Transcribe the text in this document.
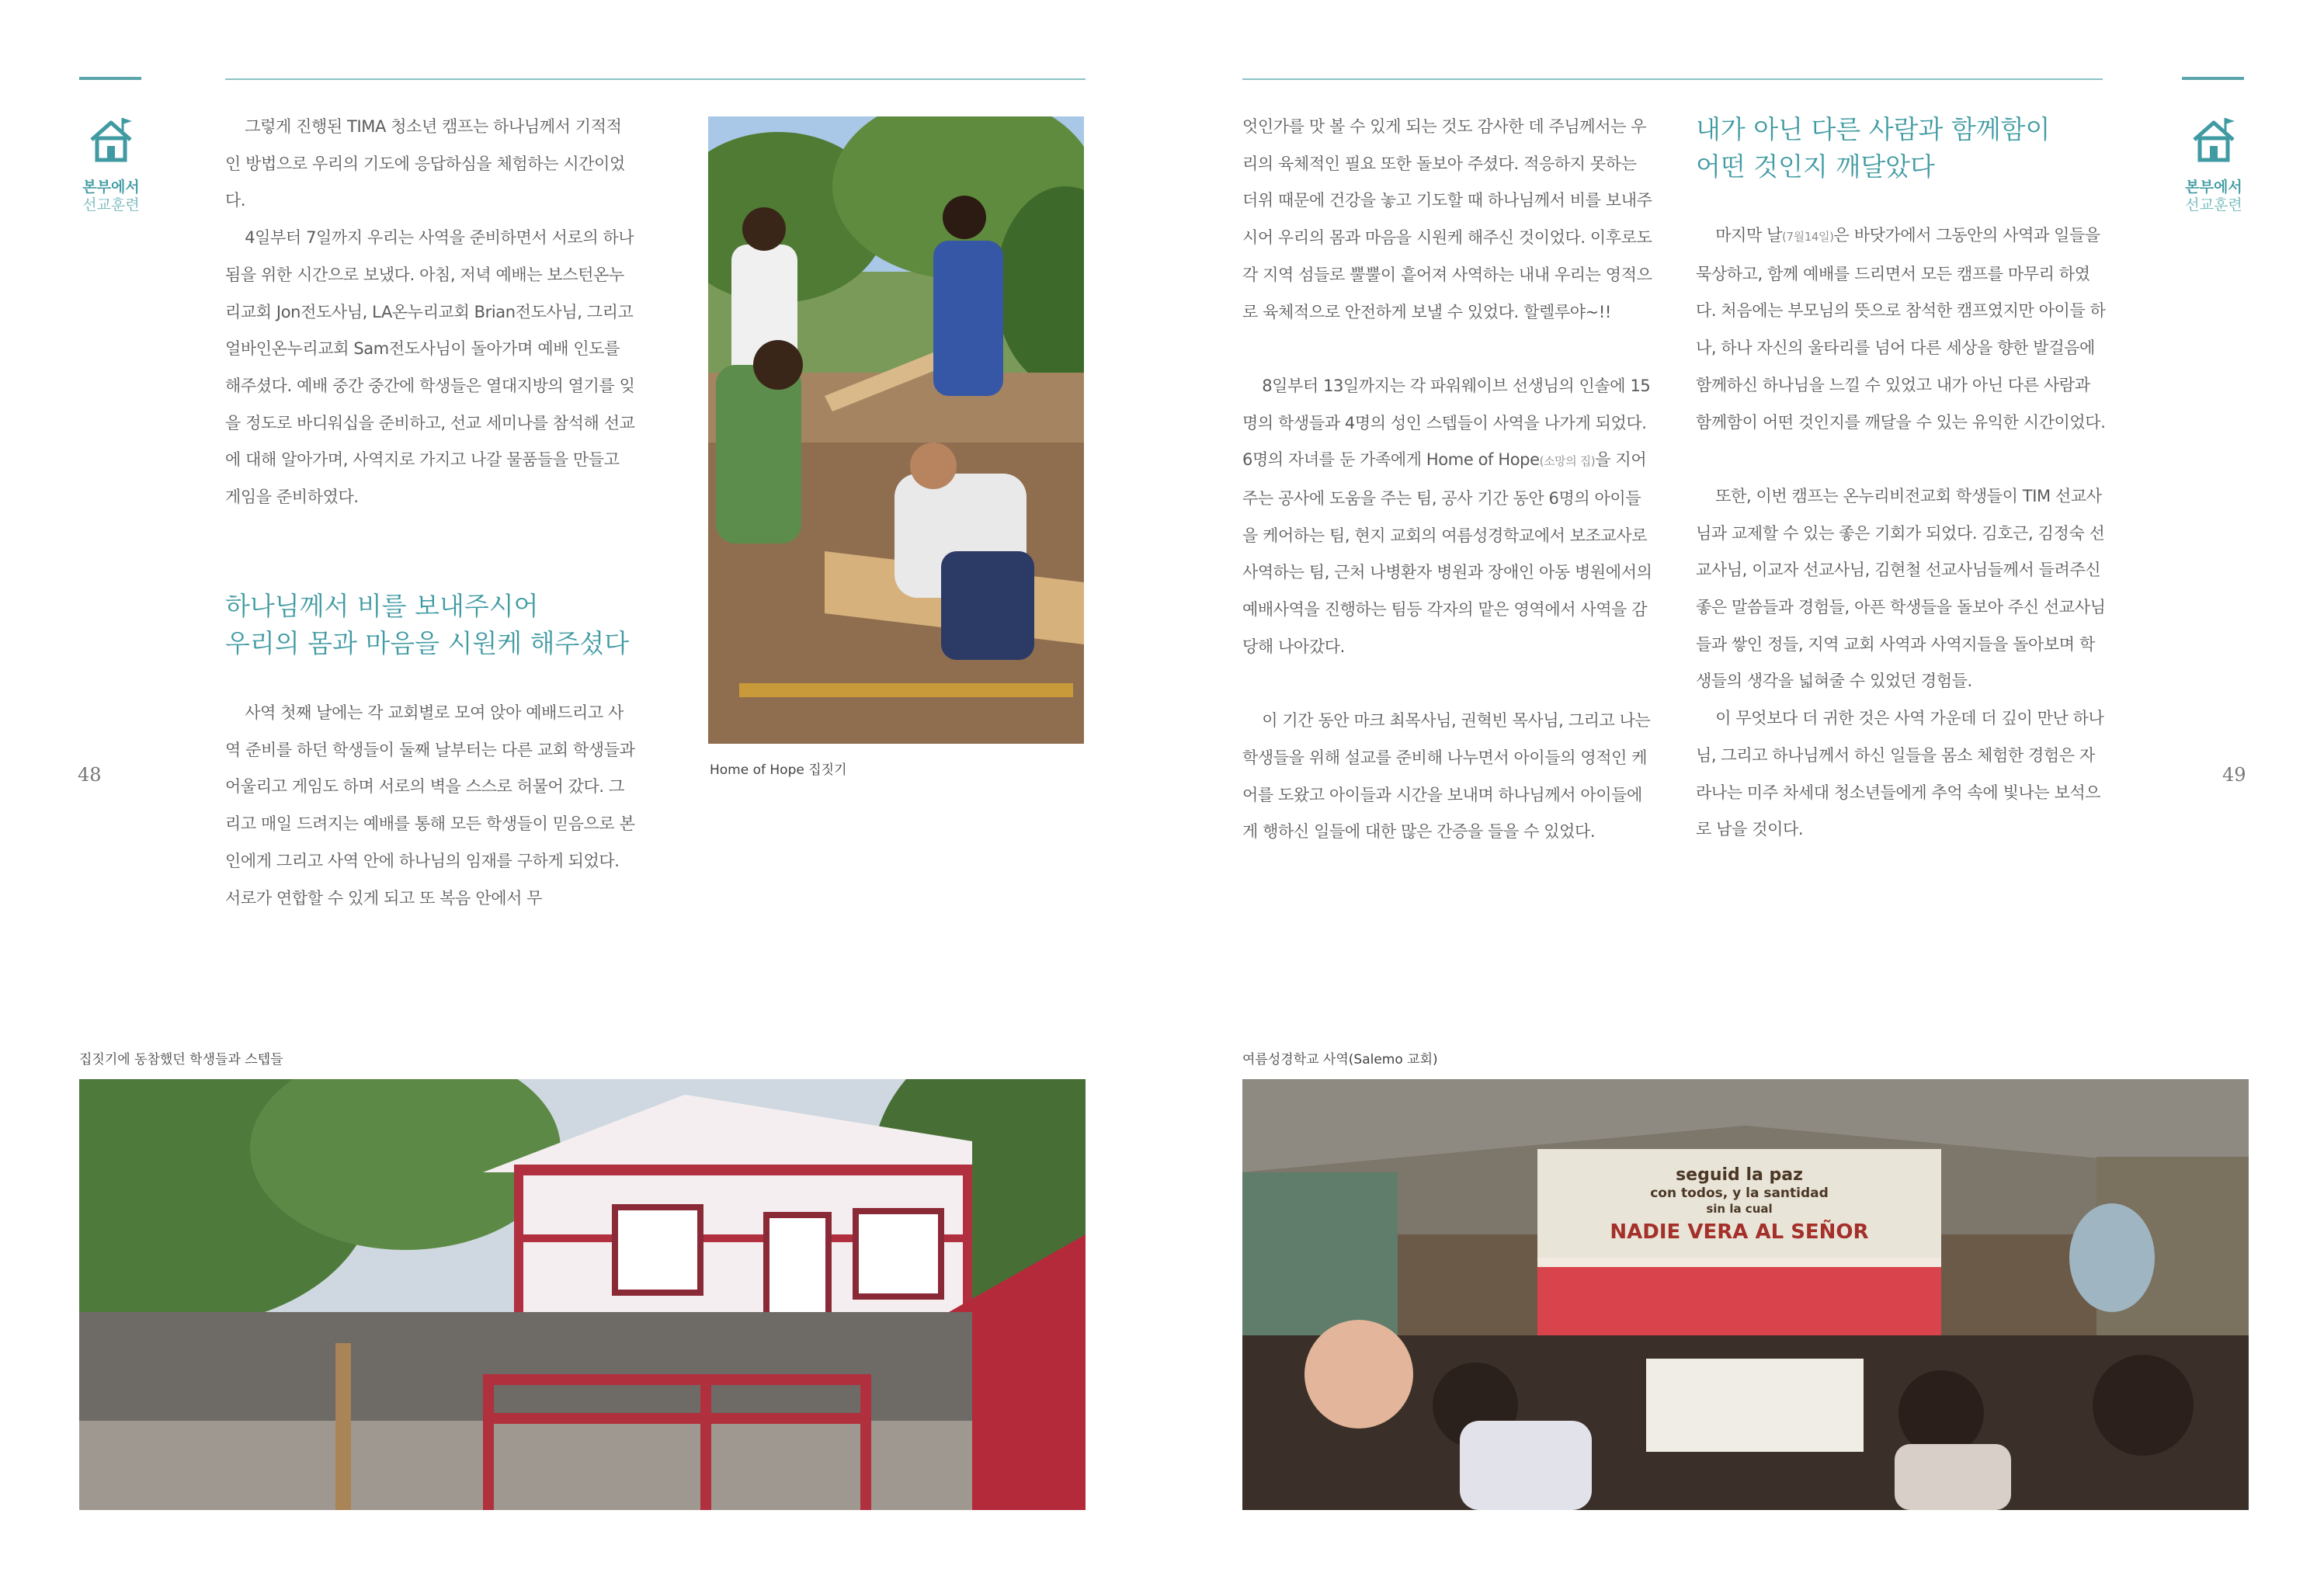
본부에서
선교훈련
48

그렇게 진행된 TIMA 청소년 캠프는 하나님께서 기적적인 방법으로 우리의 기도에 응답하심을 체험하는 시간이었다.

4일부터 7일까지 우리는 사역을 준비하면서 서로의 하나 됨을 위한 시간으로 보냈다. 아침, 저녁 예배는 보스턴온누리교회 Jon전도사님, LA온누리교회 Brian전도사님, 그리고 얼바인온누리교회 Sam전도사님이 돌아가며 예배 인도를 해주셨다. 예배 중간 중간에 학생들은 열대지방의 열기를 잊을 정도로 바디워십을 준비하고, 선교 세미나를 참석해 선교에 대해 알아가며, 사역지로 가지고 나갈 물품들을 만들고 게임을 준비하였다.

하나님께서 비를 보내주시어
우리의 몸과 마음을 시원케 해주셨다

사역 첫째 날에는 각 교회별로 모여 앉아 예배드리고 사역 준비를 하던 학생들이 둘째 날부터는 다른 교회 학생들과 어울리고 게임도 하며 서로의 벽을 스스로 허물어 갔다. 그리고 매일 드려지는 예배를 통해 모든 학생들이 믿음으로 본인에게 그리고 사역 안에 하나님의 임재를 구하게 되었다. 서로가 연합할 수 있게 되고 또 복음 안에서 무

Home of Hope 집짓기
집짓기에 동참했던 학생들과 스텝들
본부에서
선교훈련
49

엇인가를 맛 볼 수 있게 되는 것도 감사한 데 주님께서는 우리의 육체적인 필요 또한 돌보아 주셨다. 적응하지 못하는 더위 때문에 건강을 놓고 기도할 때 하나님께서 비를 보내주시어 우리의 몸과 마음을 시원케 해주신 것이었다. 이후로도 각 지역 섬들로 뿔뿔이 흩어져 사역하는 내내 우리는 영적으로 육체적으로 안전하게 보낼 수 있었다. 할렐루야~!!

8일부터 13일까지는 각 파워웨이브 선생님의 인솔에 15명의 학생들과 4명의 성인 스텝들이 사역을 나가게 되었다. 6명의 자녀를 둔 가족에게 Home of Hope(소망의 집)을 지어주는 공사에 도움을 주는 팀, 공사 기간 동안 6명의 아이들을 케어하는 팀, 현지 교회의 여름성경학교에서 보조교사로 사역하는 팀, 근처 나병환자 병원과 장애인 아동 병원에서의 예배사역을 진행하는 팀등 각자의 맡은 영역에서 사역을 감당해 나아갔다.

이 기간 동안 마크 최목사님, 권혁빈 목사님, 그리고 나는 학생들을 위해 설교를 준비해 나누면서 아이들의 영적인 케어를 도왔고 아이들과 시간을 보내며 하나님께서 아이들에게 행하신 일들에 대한 많은 간증을 들을 수 있었다.

내가 아닌 다른 사람과 함께함이
어떤 것인지 깨달았다

마지막 날(7월14일)은 바닷가에서 그동안의 사역과 일들을 묵상하고, 함께 예배를 드리면서 모든 캠프를 마무리 하였다. 처음에는 부모님의 뜻으로 참석한 캠프였지만 아이들 하나, 하나 자신의 울타리를 넘어 다른 세상을 향한 발걸음에 함께하신 하나님을 느낄 수 있었고 내가 아닌 다른 사람과 함께함이 어떤 것인지를 깨달을 수 있는 유익한 시간이었다.

또한, 이번 캠프는 온누리비전교회 학생들이 TIM 선교사님과 교제할 수 있는 좋은 기회가 되었다. 김호근, 김정숙 선교사님, 이교자 선교사님, 김현철 선교사님들께서 들려주신 좋은 말씀들과 경험들, 아픈 학생들을 돌보아 주신 선교사님들과 쌓인 정들, 지역 교회 사역과 사역지들을 돌아보며 학생들의 생각을 넓혀줄 수 있었던 경험들.

이 무엇보다 더 귀한 것은 사역 가운데 더 깊이 만난 하나님, 그리고 하나님께서 하신 일들을 몸소 체험한 경험은 자라나는 미주 차세대 청소년들에게 추억 속에 빛나는 보석으로 남을 것이다.

여름성경학교 사역(Salemo 교회)
seguid la paz
con todos, y la santidad
sin la cual
NADIE VERA AL SEÑOR
